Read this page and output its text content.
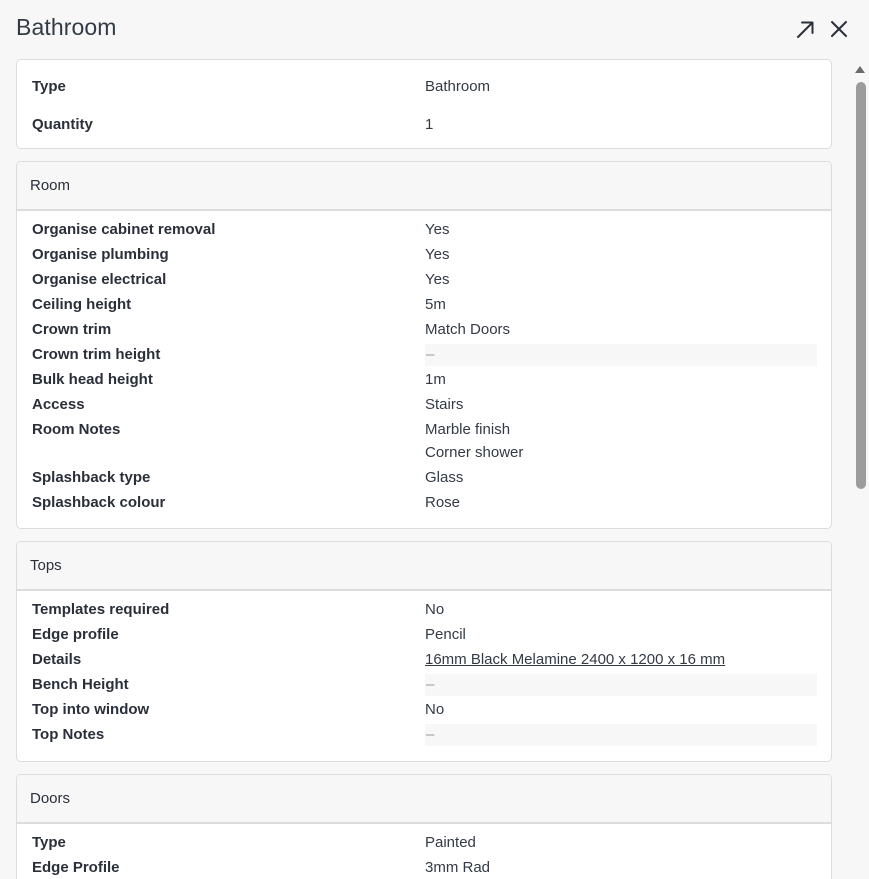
Bathroom
Type	Bathroom
Quantity	1
Room
Organise cabinet removal	Yes
Organise plumbing	Yes
Organise electrical	Yes
Ceiling height	5m
Crown trim	Match Doors
Crown trim height	–
Bulk head height	1m
Access	Stairs
Room Notes	Marble finish
Corner shower
Splashback type	Glass
Splashback colour	Rose
Tops
Templates required	No
Edge profile	Pencil
Details	16mm Black Melamine 2400 x 1200 x 16 mm
Bench Height	–
Top into window	No
Top Notes	–
Doors
Type	Painted
Edge Profile	3mm Rad
